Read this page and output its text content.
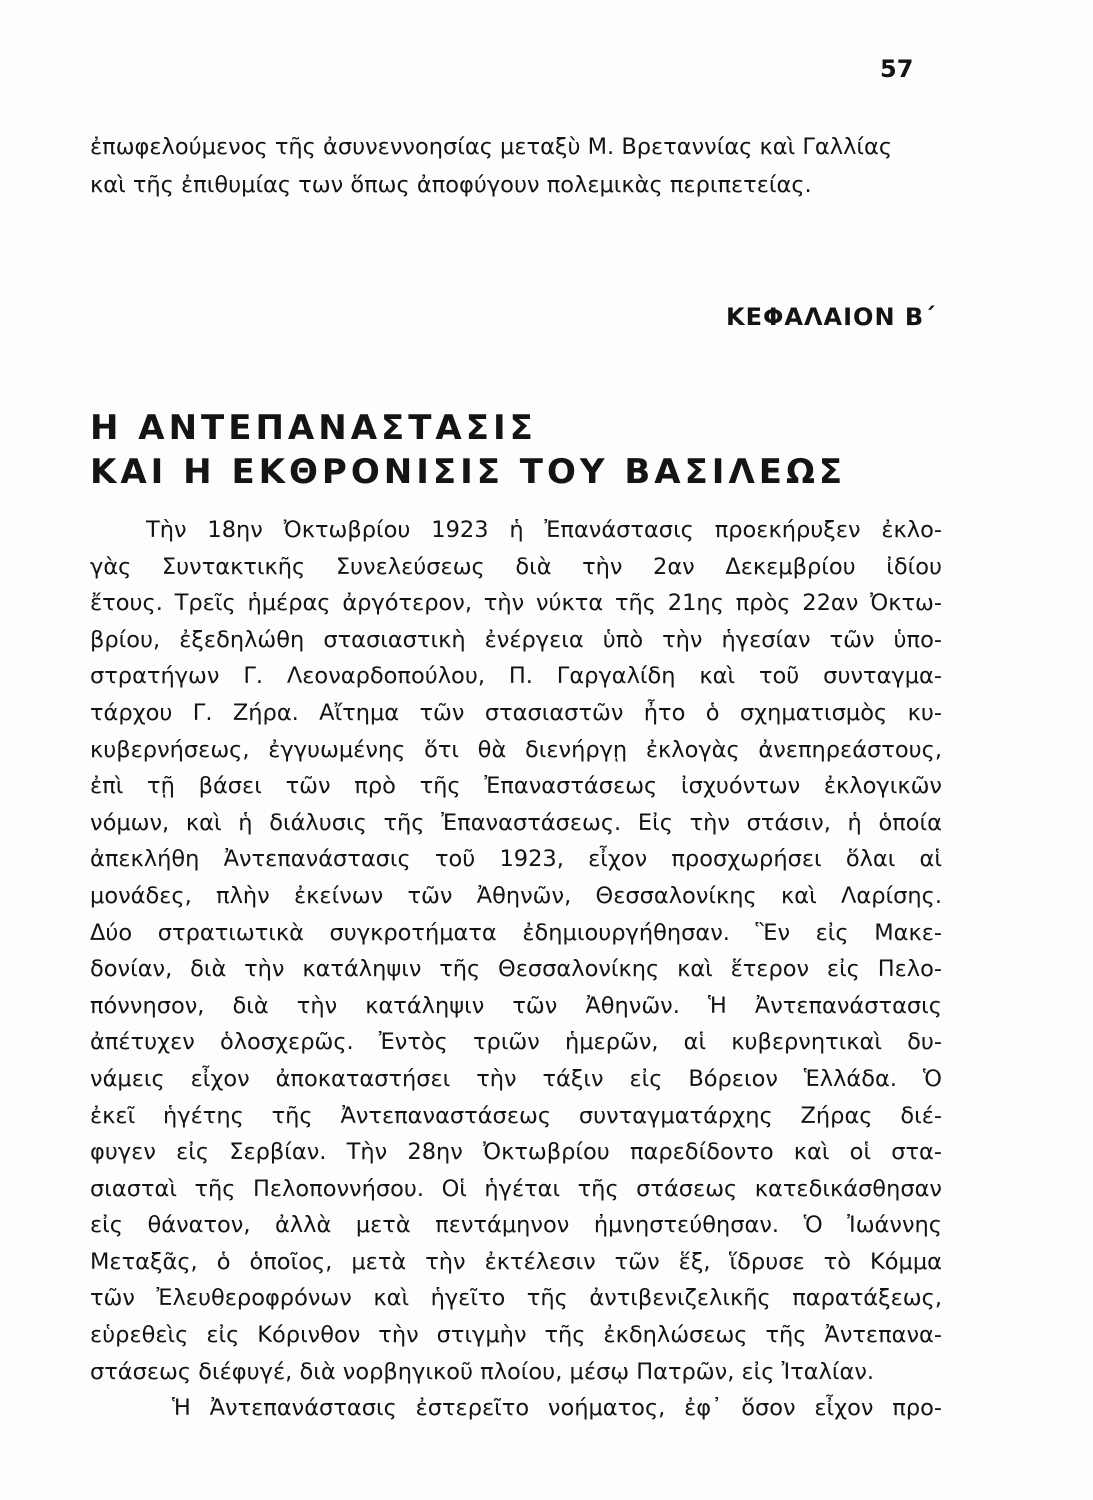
57

ἐπωφελούμενος τῆς ἀσυνεννοησίας μεταξὺ Μ. Βρεταννίας καὶ Γαλλίας
καὶ τῆς ἐπιθυμίας των ὅπως ἀποφύγουν πολεμικὰς περιπετείας.

ΚΕΦΑΛΑΙΟΝ Β΄
Η ΑΝΤΕΠΑΝΑΣΤΑΣΙΣ
ΚΑΙ Η ΕΚΘΡΟΝΙΣΙΣ ΤΟΥ ΒΑΣΙΛΕΩΣ

Τὴν 18ην Ὀκτωβρίου 1923 ἡ Ἐπανάστασις προεκήρυξεν ἐκλο-
γὰς Συντακτικῆς Συνελεύσεως διὰ τὴν 2αν Δεκεμβρίου ἰδίου
ἔτους. Τρεῖς ἡμέρας ἀργότερον, τὴν νύκτα τῆς 21ης πρὸς 22αν Ὀκτω-
βρίου, ἐξεδηλώθη στασιαστικὴ ἐνέργεια ὑπὸ τὴν ἡγεσίαν τῶν ὑπο-
στρατήγων Γ. Λεοναρδοπούλου, Π. Γαργαλίδη καὶ τοῦ συνταγμα-
τάρχου Γ. Ζήρα. Αἴτημα τῶν στασιαστῶν ἦτο ὁ σχηματισμὸς κυ-
κυβερνήσεως, ἐγγυωμένης ὅτι θὰ διενήργῃ ἐκλογὰς ἀνεπηρεάστους,
ἐπὶ τῇ βάσει τῶν πρὸ τῆς Ἐπαναστάσεως ἰσχυόντων ἐκλογικῶν
νόμων, καὶ ἡ διάλυσις τῆς Ἐπαναστάσεως. Εἰς τὴν στάσιν, ἡ ὁποία
ἀπεκλήθη Ἀντεπανάστασις τοῦ 1923, εἶχον προσχωρήσει ὅλαι αἱ
μονάδες, πλὴν ἐκείνων τῶν Ἀθηνῶν, Θεσσαλονίκης καὶ Λαρίσης.
Δύο στρατιωτικὰ συγκροτήματα ἐδημιουργήθησαν. Ἓν εἰς Μακε-
δονίαν, διὰ τὴν κατάληψιν τῆς Θεσσαλονίκης καὶ ἕτερον εἰς Πελο-
πόννησον, διὰ τὴν κατάληψιν τῶν Ἀθηνῶν. Ἡ Ἀντεπανάστασις
ἀπέτυχεν ὁλοσχερῶς. Ἐντὸς τριῶν ἡμερῶν, αἱ κυβερνητικαὶ δυ-
νάμεις εἶχον ἀποκαταστήσει τὴν τάξιν εἰς Βόρειον Ἑλλάδα. Ὁ
ἐκεῖ ἡγέτης τῆς Ἀντεπαναστάσεως συνταγματάρχης Ζήρας διέ-
φυγεν εἰς Σερβίαν. Τὴν 28ην Ὀκτωβρίου παρεδίδοντο καὶ οἱ στα-
σιασταὶ τῆς Πελοποννήσου. Οἱ ἡγέται τῆς στάσεως κατεδικάσθησαν
εἰς θάνατον, ἀλλὰ μετὰ πεντάμηνον ἠμνηστεύθησαν. Ὁ Ἰωάννης
Μεταξᾶς, ὁ ὁποῖος, μετὰ τὴν ἐκτέλεσιν τῶν ἕξ, ἵδρυσε τὸ Κόμμα
τῶν Ἐλευθεροφρόνων καὶ ἡγεῖτο τῆς ἀντιβενιζελικῆς παρατάξεως,
εὑρεθεὶς εἰς Κόρινθον τὴν στιγμὴν τῆς ἐκδηλώσεως τῆς Ἀντεπανα-
στάσεως διέφυγέ, διὰ νορβηγικοῦ πλοίου, μέσῳ Πατρῶν, εἰς Ἰταλίαν.

Ἡ Ἀντεπανάστασις ἐστερεῖτο νοήματος, ἐφ᾽ ὅσον εἶχον προ-
